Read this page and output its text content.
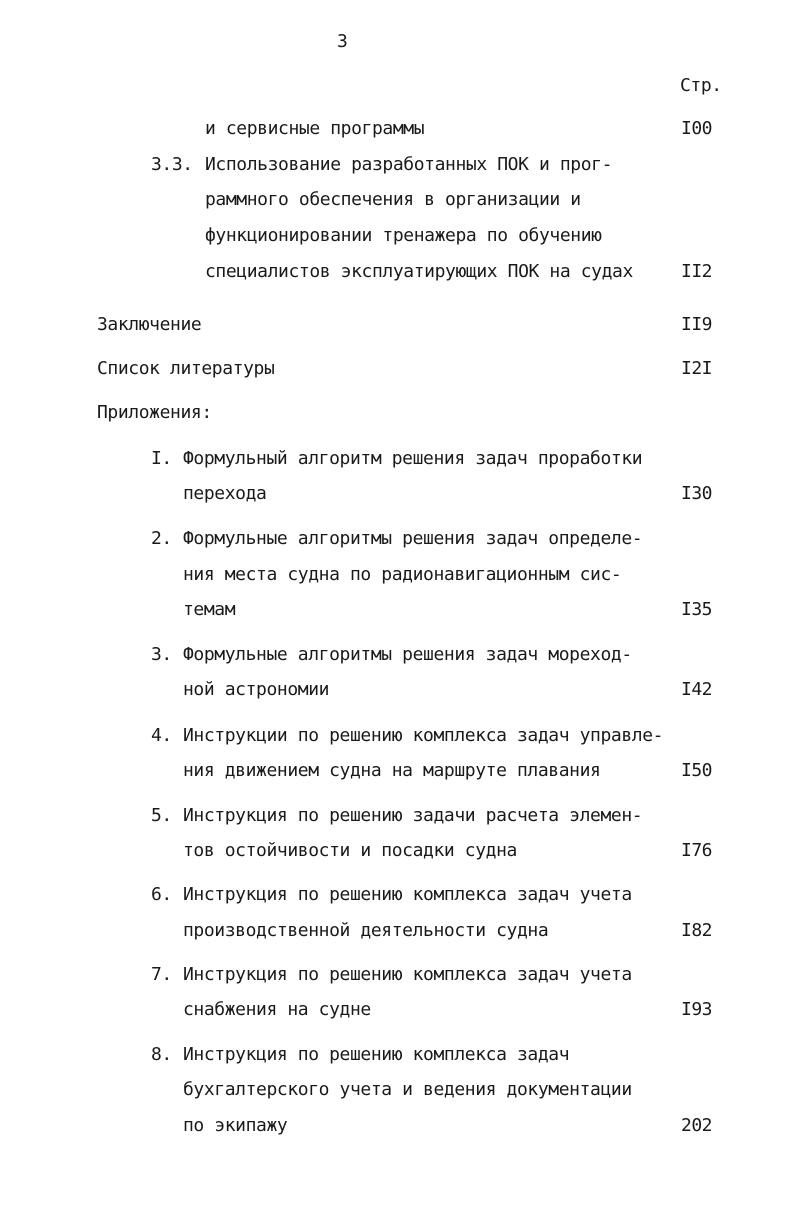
3
Стр.
и сервисные программы	I00
3.3. Использование разработанных ПОК и прог-
раммного обеспечения в организации и
функционировании тренажера по обучению
специалистов эксплуатирующих ПОК на судах	II2
Заключение	II9
Список литературы	I2I
Приложения:
I. Формульный алгоритм решения задач проработки
перехода	I30
2. Формульные алгоритмы решения задач определе-
ния места судна по радионавигационным сис-
темам	I35
3. Формульные алгоритмы решения задач мореход-
ной астрономии	I42
4. Инструкции по решению комплекса задач управле-
ния движением судна на маршруте плавания	I50
5. Инструкция по решению задачи расчета элемен-
тов остойчивости и посадки судна	I76
6. Инструкция по решению комплекса задач учета
производственной деятельности судна	I82
7. Инструкция по решению комплекса задач учета
снабжения на судне	I93
8. Инструкция по решению комплекса задач
бухгалтерского учета и ведения документации
по экипажу	202
